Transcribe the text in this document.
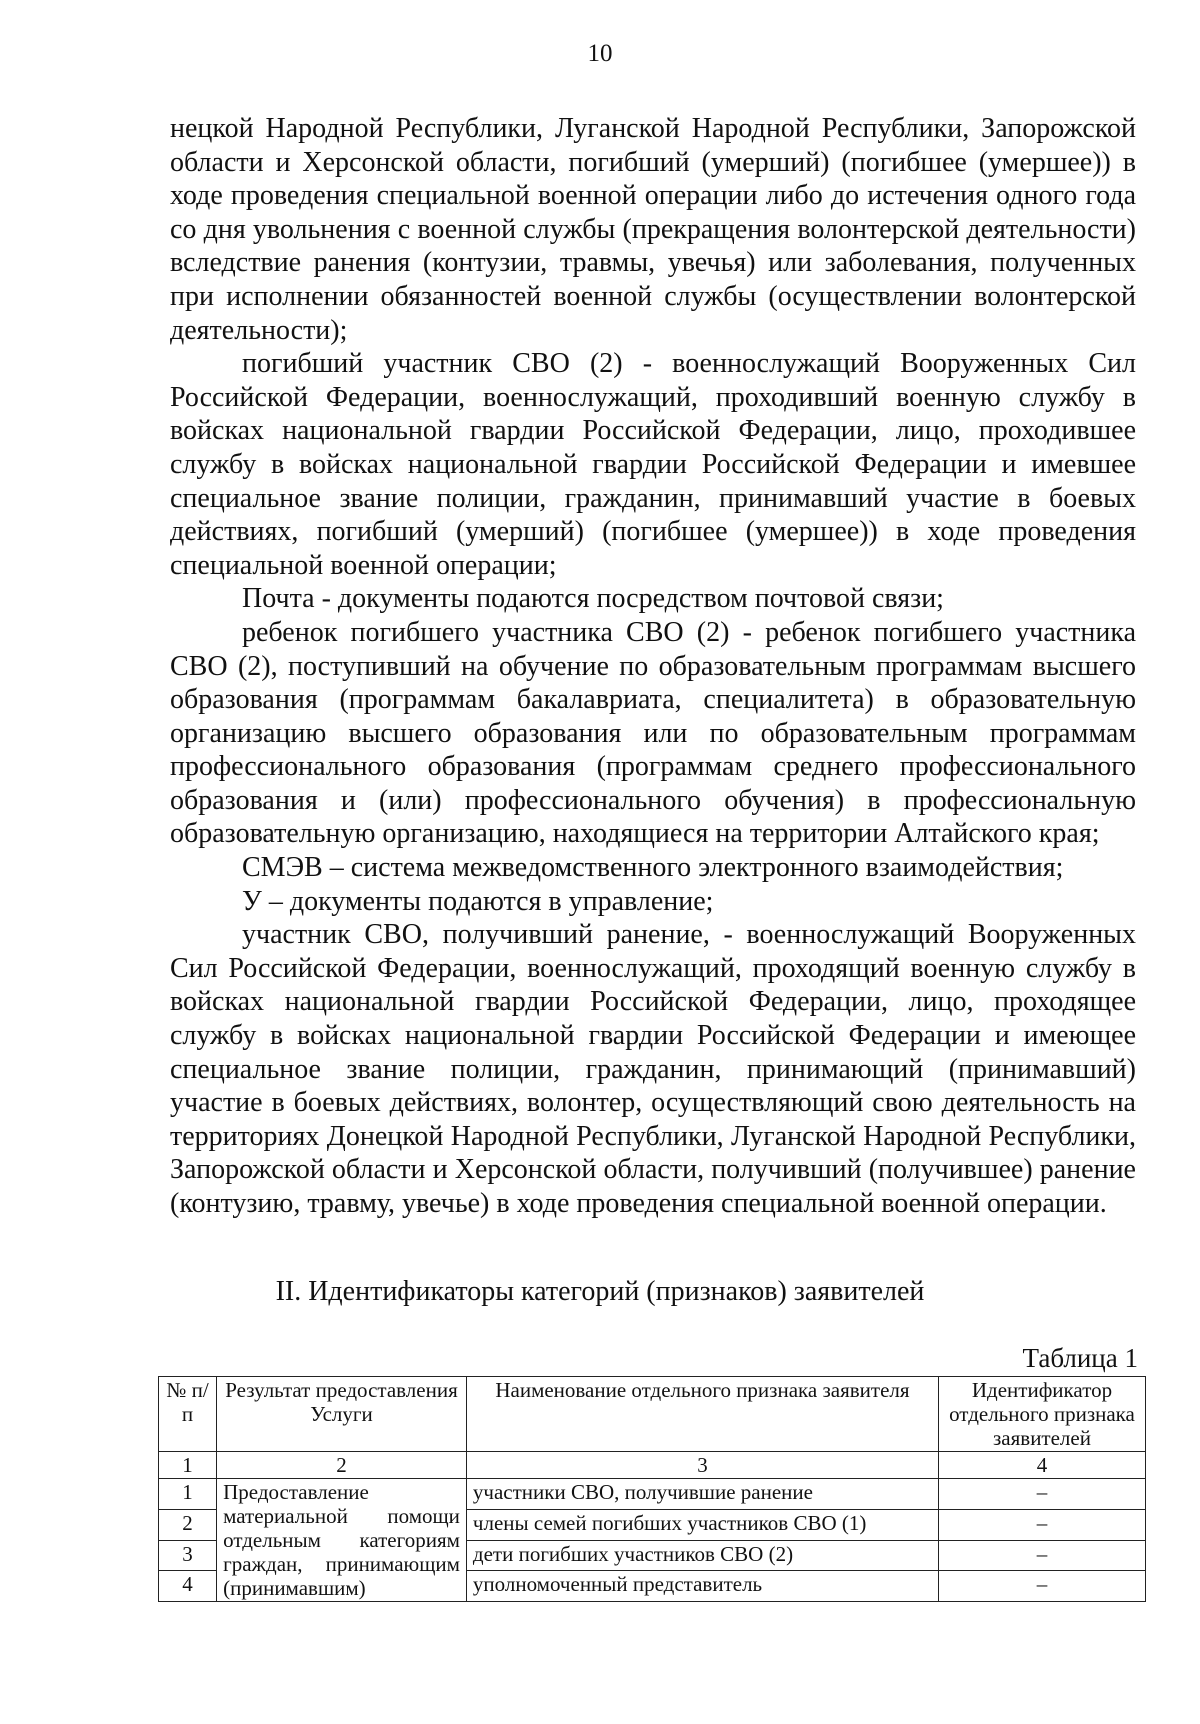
10

нецкой Народной Республики, Луганской Народной Республики, Запорожской области и Херсонской области, погибший (умерший) (погибшее (умершее)) в ходе проведения специальной военной операции либо до истечения одного года со дня увольнения с военной службы (прекращения волонтерской деятельности) вследствие ранения (контузии, травмы, увечья) или заболевания, полученных при исполнении обязанностей военной службы (осуществлении волонтерской деятельности);

погибший участник СВО (2) - военнослужащий Вооруженных Сил Российской Федерации, военнослужащий, проходивший военную службу в войсках национальной гвардии Российской Федерации, лицо, проходившее службу в войсках национальной гвардии Российской Федерации и имевшее специальное звание полиции, гражданин, принимавший участие в боевых действиях, погибший (умерший) (погибшее (умершее)) в ходе проведения специальной военной операции;

Почта - документы подаются посредством почтовой связи;

ребенок погибшего участника СВО (2) - ребенок погибшего участника СВО (2), поступивший на обучение по образовательным программам высшего образования (программам бакалавриата, специалитета) в образовательную организацию высшего образования или по образовательным программам профессионального образования (программам среднего профессионального образования и (или) профессионального обучения) в профессиональную образовательную организацию, находящиеся на территории Алтайского края;

СМЭВ – система межведомственного электронного взаимодействия;

У – документы подаются в управление;

участник СВО, получивший ранение, - военнослужащий Вооруженных Сил Российской Федерации, военнослужащий, проходящий военную службу в войсках национальной гвардии Российской Федерации, лицо, проходящее службу в войсках национальной гвардии Российской Федерации и имеющее специальное звание полиции, гражданин, принимающий (принимавший) участие в боевых действиях, волонтер, осуществляющий свою деятельность на территориях Донецкой Народной Республики, Луганской Народной Республики, Запорожской области и Херсонской области, получивший (получившее) ранение (контузию, травму, увечье) в ходе проведения специальной военной операции.

II. Идентификаторы категорий (признаков) заявителей
Таблица 1
№ п/п	Результат предоставления Услуги	Наименование отдельного признака заявителя	Идентификатор отдельного признака заявителей
1	2	3	4
1	Предоставление материальной помощи отдельным категориям граждан, принимающим (принимавшим)	участники СВО, получившие ранение	–
2		члены семей погибших участников СВО (1)	–
3		дети погибших участников СВО (2)	–
4		уполномоченный представитель	–
